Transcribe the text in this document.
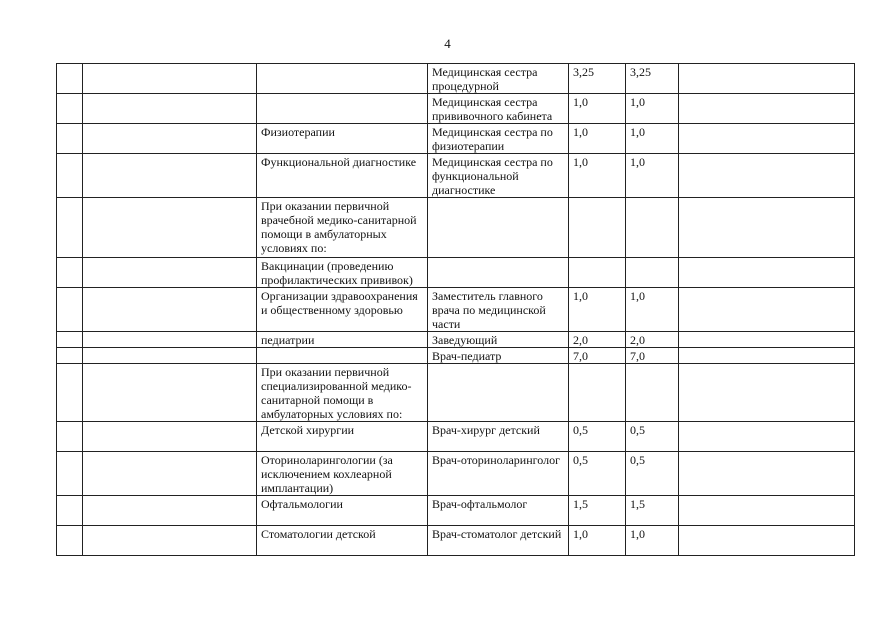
4
			Медицинская сестра процедурной	3,25	3,25	
			Медицинская сестра прививочного кабинета	1,0	1,0	
		Физиотерапии	Медицинская сестра по физиотерапии	1,0	1,0	
		Функциональной диагностике	Медицинская сестра по функциональной диагностике	1,0	1,0	
		При оказании первичной врачебной медико-санитарной помощи в амбулаторных условиях по:				
		Вакцинации (проведению профилактических прививок)				
		Организации здравоохранения и общественному здоровью	Заместитель главного врача по медицинской части	1,0	1,0	
		педиатрии	Заведующий	2,0	2,0	
			Врач-педиатр	7,0	7,0	
		При оказании первичной специализированной медико-санитарной помощи в амбулаторных условиях по:				
		Детской хирургии	Врач-хирург детский	0,5	0,5	
		Оториноларингологии (за исключением кохлеарной имплантации)	Врач-оториноларинголог	0,5	0,5	
		Офтальмологии	Врач-офтальмолог	1,5	1,5	
		Стоматологии детской	Врач-стоматолог детский	1,0	1,0	
